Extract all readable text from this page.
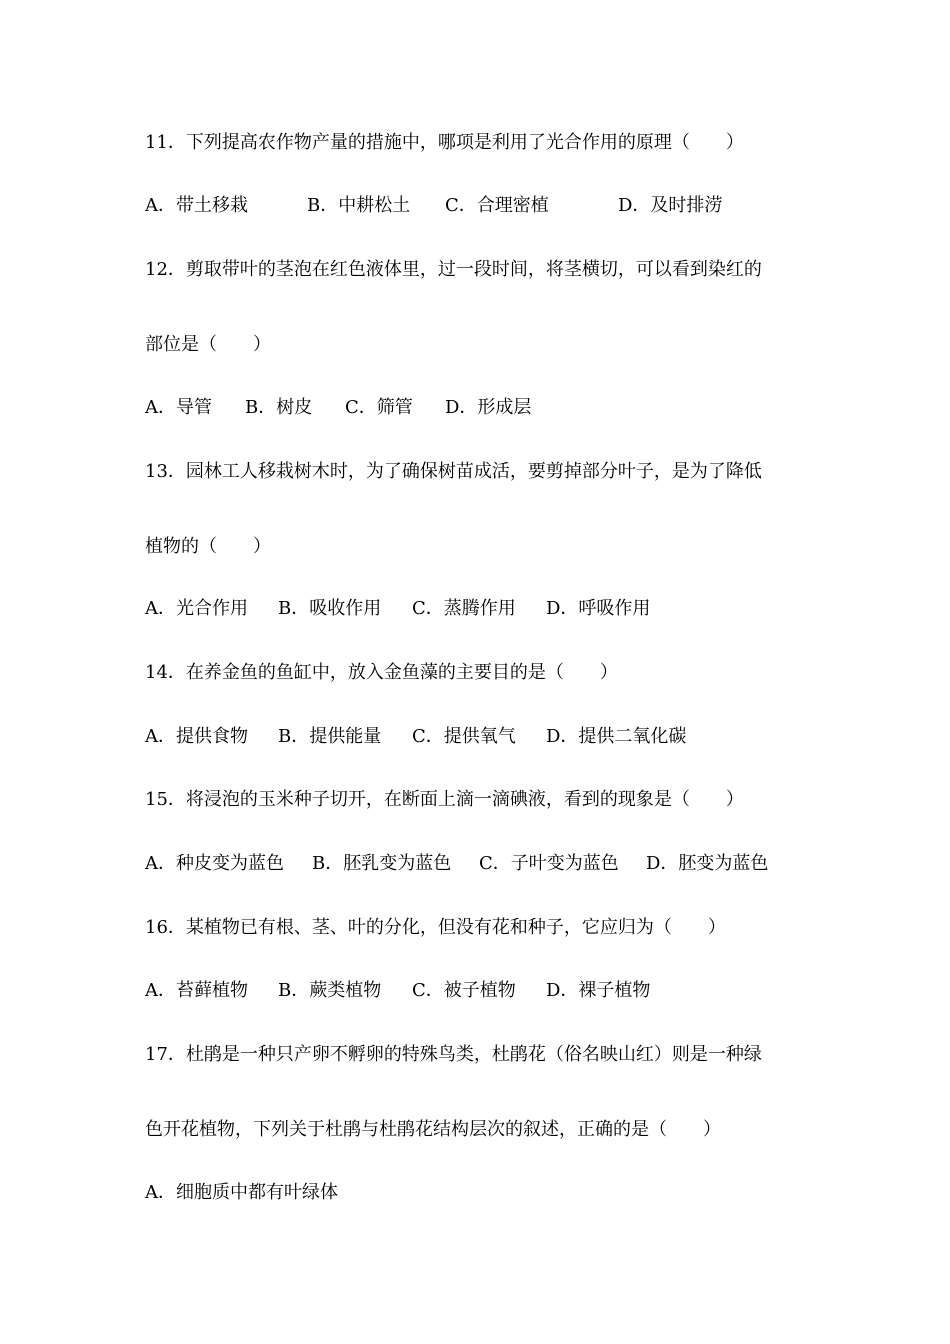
11．下列提高农作物产量的措施中，哪项是利用了光合作用的原理（　　）
A．带土移栽	B．中耕松土 C．合理密植	D．及时排涝
12．剪取带叶的茎泡在红色液体里，过一段时间，将茎横切，可以看到染红的
部位是（　　）
A．导管 B．树皮 C．筛管 D．形成层
13．园林工人移栽树木时，为了确保树苗成活，要剪掉部分叶子，是为了降低
植物的（　　）
A．光合作用 B．吸收作用 C．蒸腾作用 D．呼吸作用
14．在养金鱼的鱼缸中，放入金鱼藻的主要目的是（　　）
A．提供食物 B．提供能量 C．提供氧气 D．提供二氧化碳
15．将浸泡的玉米种子切开，在断面上滴一滴碘液，看到的现象是（　　）
A．种皮变为蓝色 B．胚乳变为蓝色 C．子叶变为蓝色 D．胚变为蓝色
16．某植物已有根、茎、叶的分化，但没有花和种子，它应归为（　　）
A．苔藓植物 B．蕨类植物 C．被子植物 D．裸子植物
17．杜鹃是一种只产卵不孵卵的特殊鸟类，杜鹃花（俗名映山红）则是一种绿
色开花植物，下列关于杜鹃与杜鹃花结构层次的叙述，正确的是（　　）
A．细胞质中都有叶绿体
